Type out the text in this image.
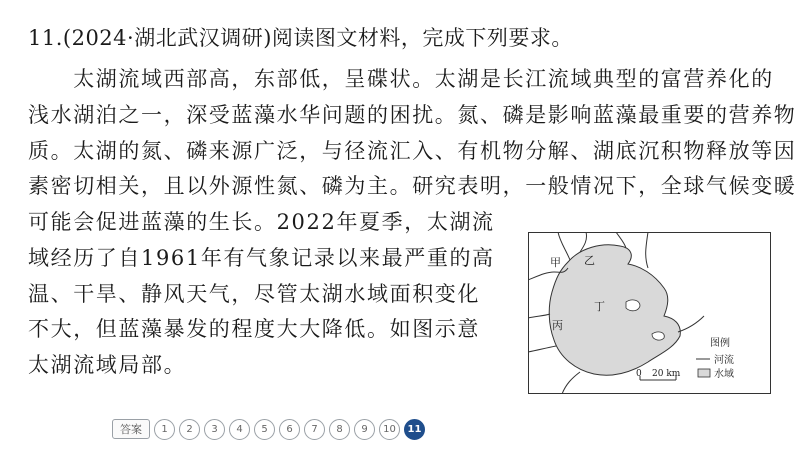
11.(2024·湖北武汉调研)阅读图文材料，完成下列要求。
　　太湖流域西部高，东部低，呈碟状。太湖是长江流域典型的富营养化的
浅水湖泊之一，深受蓝藻水华问题的困扰。氮、磷是影响蓝藻最重要的营养物
质。太湖的氮、磷来源广泛，与径流汇入、有机物分解、湖底沉积物释放等因
素密切相关，且以外源性氮、磷为主。研究表明，一般情况下，全球气候变暖
可能会促进蓝藻的生长。2022年夏季，太湖流
域经历了自1961年有气象记录以来最严重的高
温、干旱、静风天气，尽管太湖水域面积变化
不大，但蓝藻暴发的程度大大降低。如图示意
太湖流域局部。
甲 乙
丁
丙
图例
河流
水域
0 20 km
答案	1	2	3	4	5	6	7	8	9	10	11
